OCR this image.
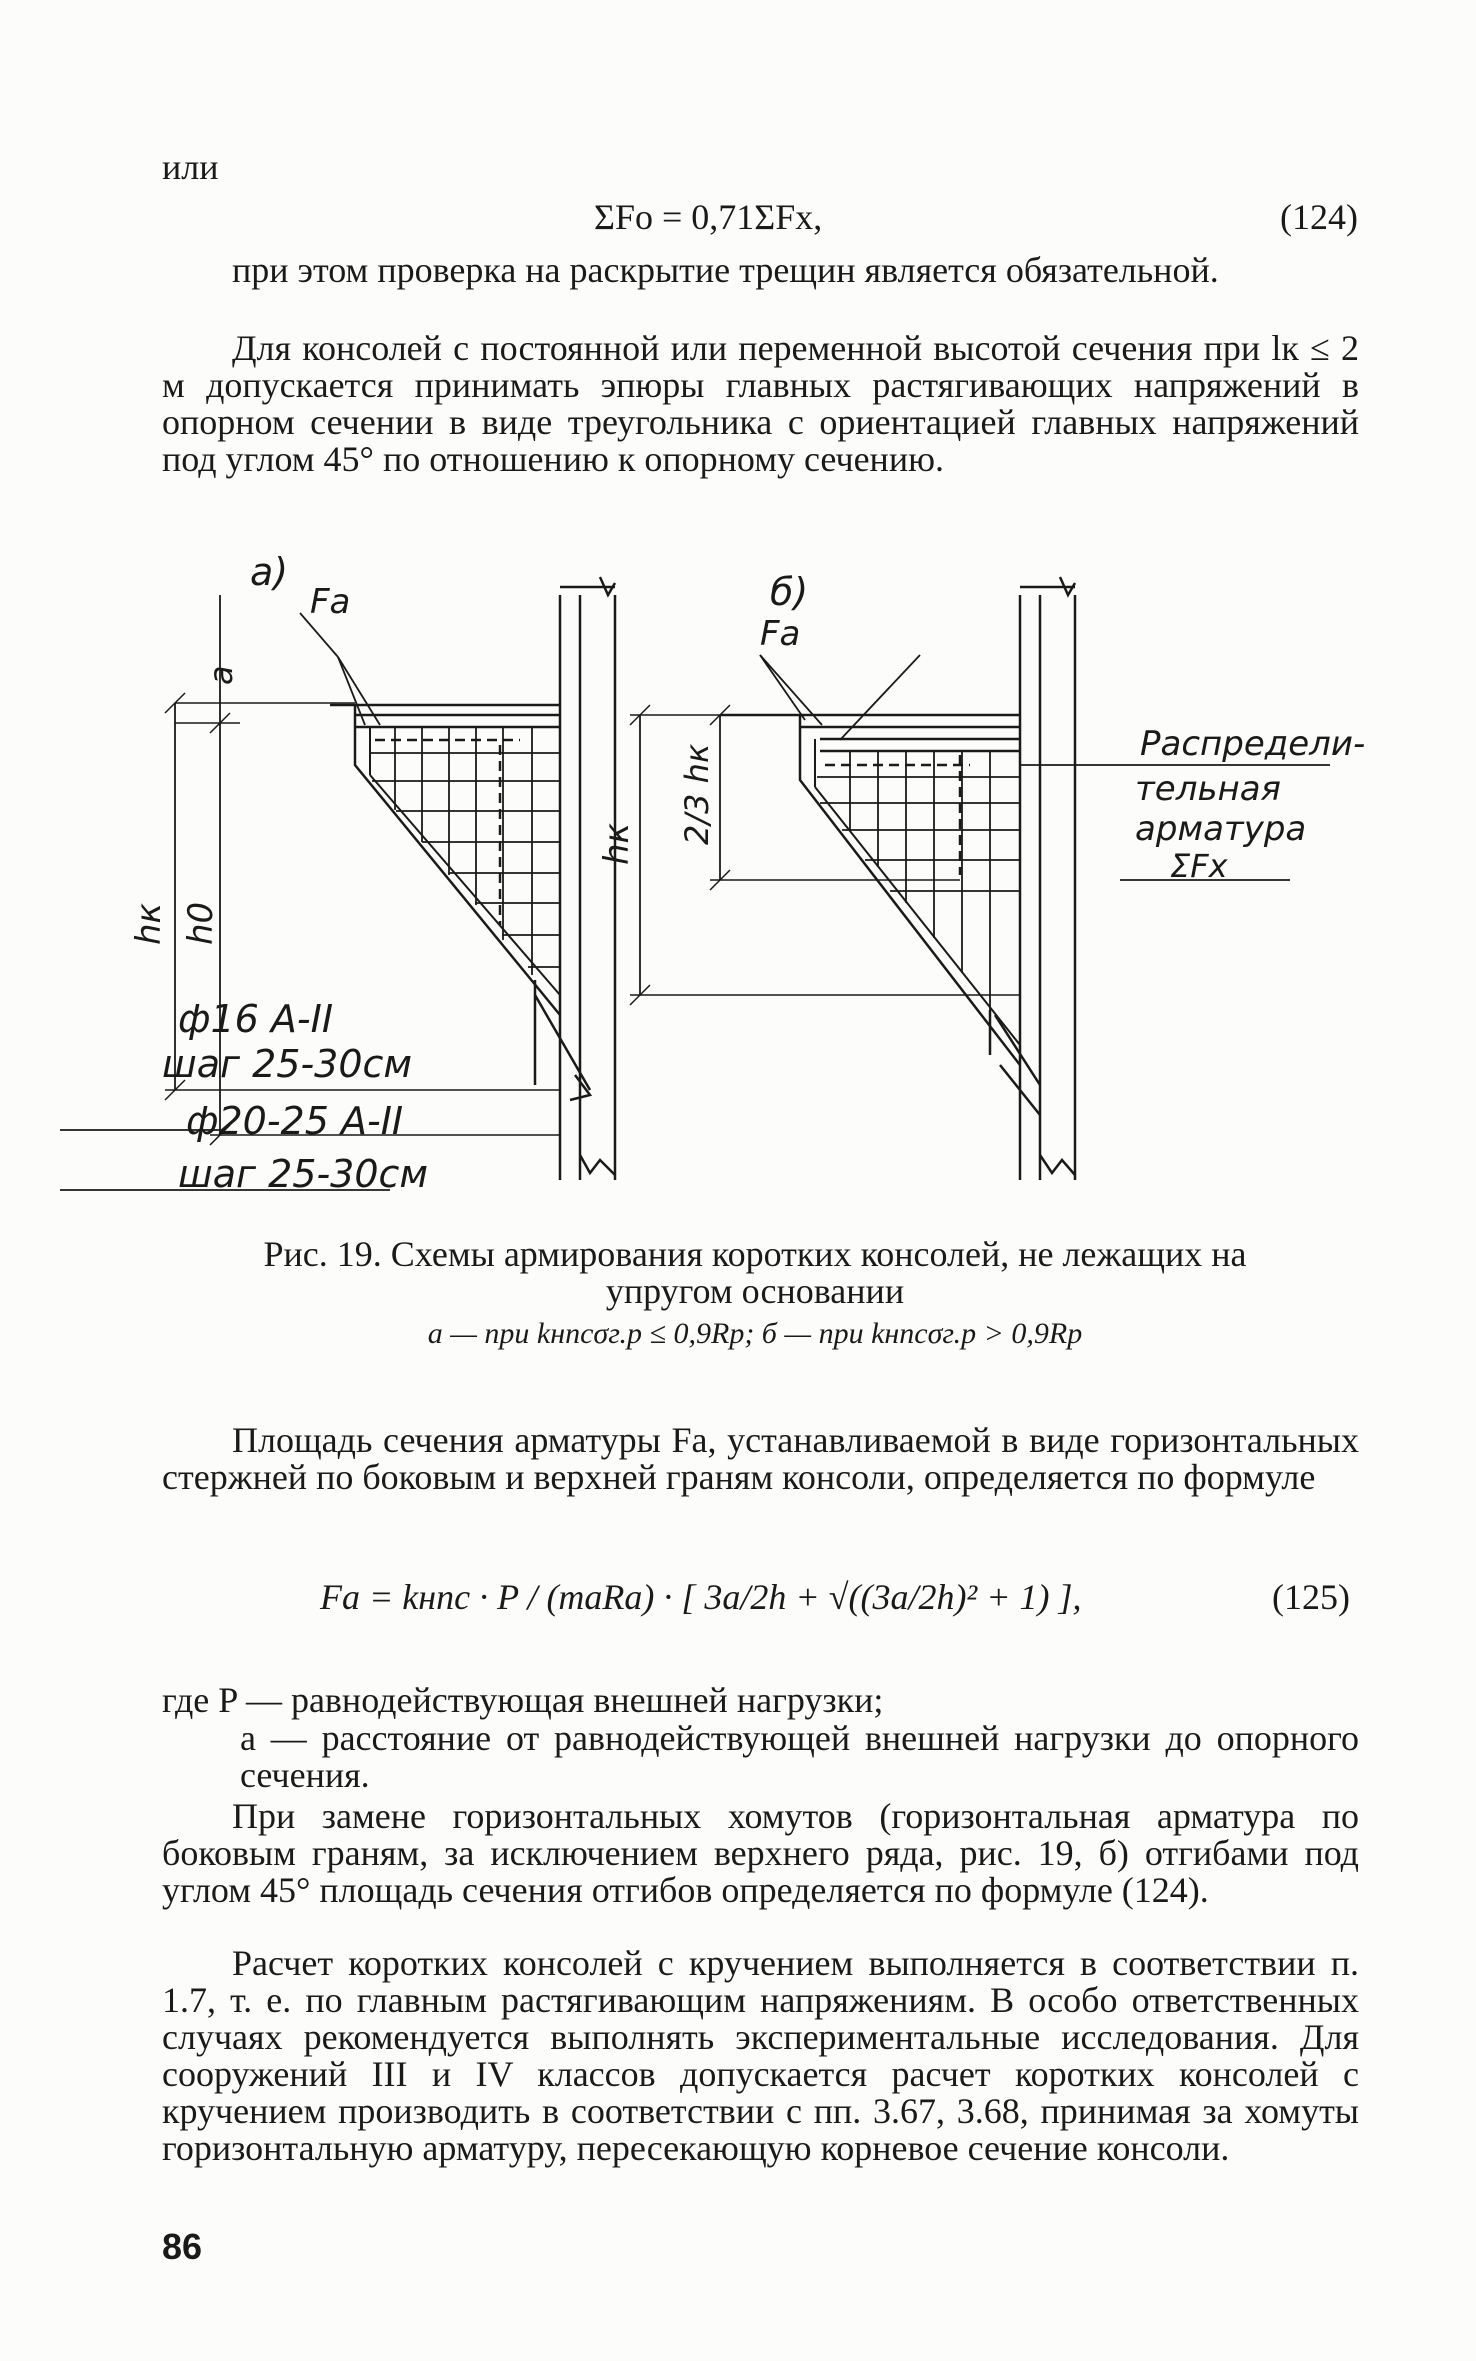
или
ΣFо = 0,71ΣFx,	(124)
при этом проверка на раскрытие трещин является обязательной.
Для консолей с постоянной или переменной высотой сечения при lк ≤ 2 м допускается принимать эпюры главных растягивающих напряжений в опорном сечении в виде треугольника с ориентацией главных напряжений под углом 45° по отношению к опорному сечению.
а)	б)
Fa
Fa
a
hк h0
hк 2/3 hк	Распредели-
тельная
арматура
ΣFx
ф16 А-II
шаг 25-30см
ф20-25 А-II
шаг 25-30см
Рис. 19. Схемы армирования коротких консолей, не лежащих на
упругом основании
а — при kнnсσг.р ≤ 0,9Rр; б — при kнnсσг.р > 0,9Rр
Площадь сечения арматуры Fа, устанавливаемой в виде горизонтальных стержней по боковым и верхней граням консоли, определяется по формуле
Fa = kнnс · P / (maRa) · [ 3a/2h + √((3a/2h)² + 1) ],	(125)
где P — равнодействующая внешней нагрузки;
a — расстояние от равнодействующей внешней нагрузки до опорного сечения.
При замене горизонтальных хомутов (горизонтальная арматура по боковым граням, за исключением верхнего ряда, рис. 19, б) отгибами под углом 45° площадь сечения отгибов определяется по формуле (124).
Расчет коротких консолей с кручением выполняется в соответствии п. 1.7, т. е. по главным растягивающим напряжениям. В особо ответственных случаях рекомендуется выполнять экспериментальные исследования. Для сооружений III и IV классов допускается расчет коротких консолей с кручением производить в соответствии с пп. 3.67, 3.68, принимая за хомуты горизонтальную арматуру, пересекающую корневое сечение консоли.
86
